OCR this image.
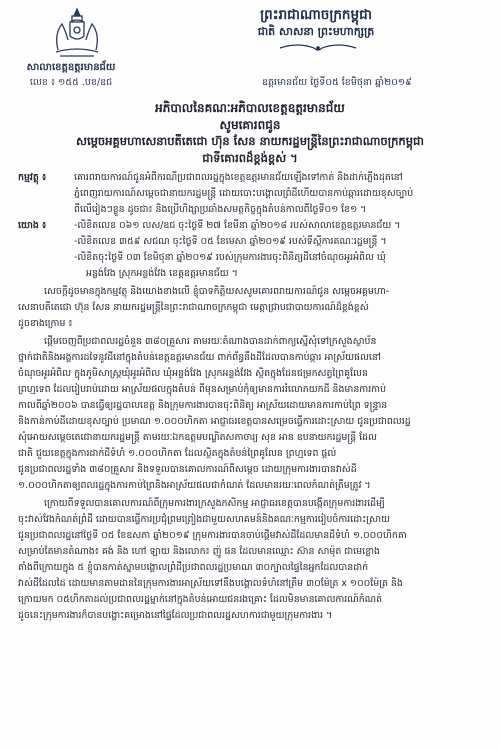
សាលាខេត្តឧត្តរមានជ័យ
លេខ ៖ ១៥៥ .បខ/ឧជ
ព្រះរាជាណាចក្រកម្ពុជា
ជាតិ សាសនា ព្រះមហាក្សត្រ
ឧត្តរមានជ័យ ថ្ងៃទី០៥ ខែមិថុនា ឆ្នាំ២០១៩
អភិបាលនៃគណៈអភិបាលខេត្តឧត្តរមានជ័យ
សូមគោរពជូន
សម្តេចអគ្គមហាសេនាបតីតេជោ ហ៊ុន សែន នាយករដ្ឋមន្ត្រីនៃព្រះរាជាណាចក្រកម្ពុជា
ជាទីគោរពដ៏ខ្ពង់ខ្ពស់ ។
កម្មវត្ថុ ៖	គោរពរាយការណ៍ជូនអំពីករណីប្រជាពលរដ្ឋក្នុងខេត្តឧត្តរមានជ័យឡើងទៅកាត់ និងដាក់ភ្លើងដុតនៅ
ភ្នំពេញរាយការណ៍សម្តេចជានាយករដ្ឋមន្ត្រី ដោយបោះបង្គោលព្រំដីហើយបានកាប់ឆ្ការដោយខុសច្បាប់
ពីលើរៀងៗខ្លួន ដូចជា៖ និងប្រើហិង្សាប្រឆាំងសមត្ថកិច្ចក្នុងតំបន់កាលពីថ្ងៃទី០១ ខែ១ ។
យោង ៖	-លិខិតលេខ ០៦១ លស/ឧជ ចុះថ្ងៃទី ២៧ ខែមីនា ឆ្នាំ២០១៨ របស់សាលាខេត្តឧត្តរមានជ័យ ។
-លិខិតលេខ ៣៥៩ សជណ ចុះថ្ងៃទី ០៥ ខែមេសា ឆ្នាំ២០១៩ របស់ទីស្តីការគណៈរដ្ឋមន្ត្រី ។
-លិខិតចុះថ្ងៃទី ០៣ ខែមិថុនា ឆ្នាំ២០១៩ របស់ក្រុមការងារចុះពិនិត្យដីនៅចំណុចអូរអំពិល ឃុំ
អន្លង់វែង ស្រុកអន្លង់វែង ខេត្តឧត្តរមានជ័យ ។
សេចក្តីដូចមានក្នុងកម្មវត្ថុ និងយោងខាងលើ ខ្ញុំបាទកិត្តិយសសូមគោរពរាយការណ៍ជូន សម្តេចអគ្គមហា-
សេនាបតីតេជោ ហ៊ុន សែន នាយករដ្ឋមន្ត្រីនៃព្រះរាជាណាចក្រកម្ពុជា មេត្តាជ្រាបជាបាយការណ៍ដ៏ខ្ពង់ខ្ពស់
ដូចខាងក្រោម ៖
ផ្ដើមចេញពីប្រជាពលរដ្ឋចំនួន ៣៨០គ្រួសារ តាមរយៈតំណាងបានដាក់ពាក្យស្នើសុំទៅក្រសួងស្ថាប័ន
ថ្នាក់ជាតិនិងអង្គការដទៃនូវដីនៅក្នុងតំបន់ខេត្តឧត្តរមានជ័យ ពាក់ព័ន្ធនឹងដីដែលបានកាប់ឆ្ការ អាស្រ័យផលនៅ
ចំណុចអូរអំពិល ក្នុងភូមិសាស្រ្តឃុំអូរអំពិល ឃុំអន្លង់វែង ស្រុកអន្លង់វែង ស្ថិតក្នុងដែនជម្រកសត្វព្រៃគូលែន
ព្រហ្មទេព ដែលរៀបរាប់ដោយ អាស្រ័យផលក្នុងតំបន់ ពីមុនសម្រាប់កុំឲ្យមានការរំលោភយកដី និងមានការកាប់
កាលពីឆ្នាំ២០០៦ បានធ្វើឲ្យរដ្ឋបាលខេត្ត និងក្រុមការងារបានចុះពិនិត្យ អាស្រ័យដោយមានការកាប់ព្រៃ ទន្ទ្រាន
និងកាន់កាប់ដីដោយខុសច្បាប់ ប្រមាណ ១.០០០ហិកតា អាជ្ញាធរខេត្តបានសម្រេចធ្វើការដោះស្រាយ ជូនប្រជាពលរដ្ឋ
សុំអោយសម្តេចតេជោនាយករដ្ឋមន្ត្រី តាមរយៈឯកឧត្តមបណ្ឌិតសភាចារ្យ សុខ អាន ឧបនាយករដ្ឋមន្ត្រី ដែល
ជាតិ ជួយខេត្តក្នុងការដាក់ដីទំហំ ១.០០០ហិកតា ដែលស្ថិតក្នុងតំបន់ព្រៃគូលែន ព្រហ្មទេព ផ្តល់
ជូនប្រជាពលរដ្ឋទាំង ៣៨០គ្រួសារ និងទទួលបានគោលការណ៍ពីសម្តេច ដោយក្រុមការងារបានវាស់ដី
១.០០០ហិកតាឲ្យពលរដ្ឋក្នុងការកាប់ព្រៃនិងអាស្រ័យផលជាកំណត់ ដែលមានរយៈពេលកំណត់ត្រឹមត្រូវ ។
ក្រោយពីទទួលបានគោលការណ៍ពីក្រុមការងារក្រសួងកសិកម្ម អាជ្ញាធរខេត្តបានបង្កើតក្រុមការងារដើម្បី
ចុះវាស់វែងកំណត់ព្រំដី ដោយបានធ្វើការប្រជុំព្រមព្រៀងជាមួយសហគមន៍និងគណៈកម្មការរៀបចំការដោះស្រាយ
ជូនប្រជាពលរដ្ឋនៅថ្ងៃទី ០៥ ខែឧសភា ឆ្នាំ២០១៩ ក្រុមការងារបានចាប់ផ្តើមវាស់ដីដែលមានដីទំហំ ១.០០០ហិកតា
សម្រាប់តែមានតំណាង៖ គង់ និង ហៅ ឡាយ និងលោក៖ ញ៉ូ ផន ដែលមានឈ្មោះ ស៊ាន សាម៉ុត ជាមេខ្លោង
តាំងពីក្រោយក្នុង ៥ ខ្ញុំបានកាត់ស្នាមបង្គោលព្រំដីប្រជាពលរដ្ឋប្រមាណ ៣០ក្បាលផ្ទៃនៃអ្នកដែលបានដាក់
វាស់ដីដែលដៃ ដោយមានតាមដាននៃក្រុមការងារអាស្រ័យទៅនឹងបង្គោលទំហំនៅត្រឹម ៣០ម៉ែត្រ x ១០០ម៉ែត្រ និង
ក្រោយមក ០៥ហិកតាដល់ប្រជាពលរដ្ឋម្នាក់នៅក្នុងតំបន់អោយជនរងគ្រោះ ដែលមិនមានគោលការណ៍កំណត់
ដូចនេះក្រុមការងារក៏បានបង្ហោះគម្រោងនៅផ្ទៃដែលប្រជាពលរដ្ឋសហការជាមួយក្រុមការងារ ។
